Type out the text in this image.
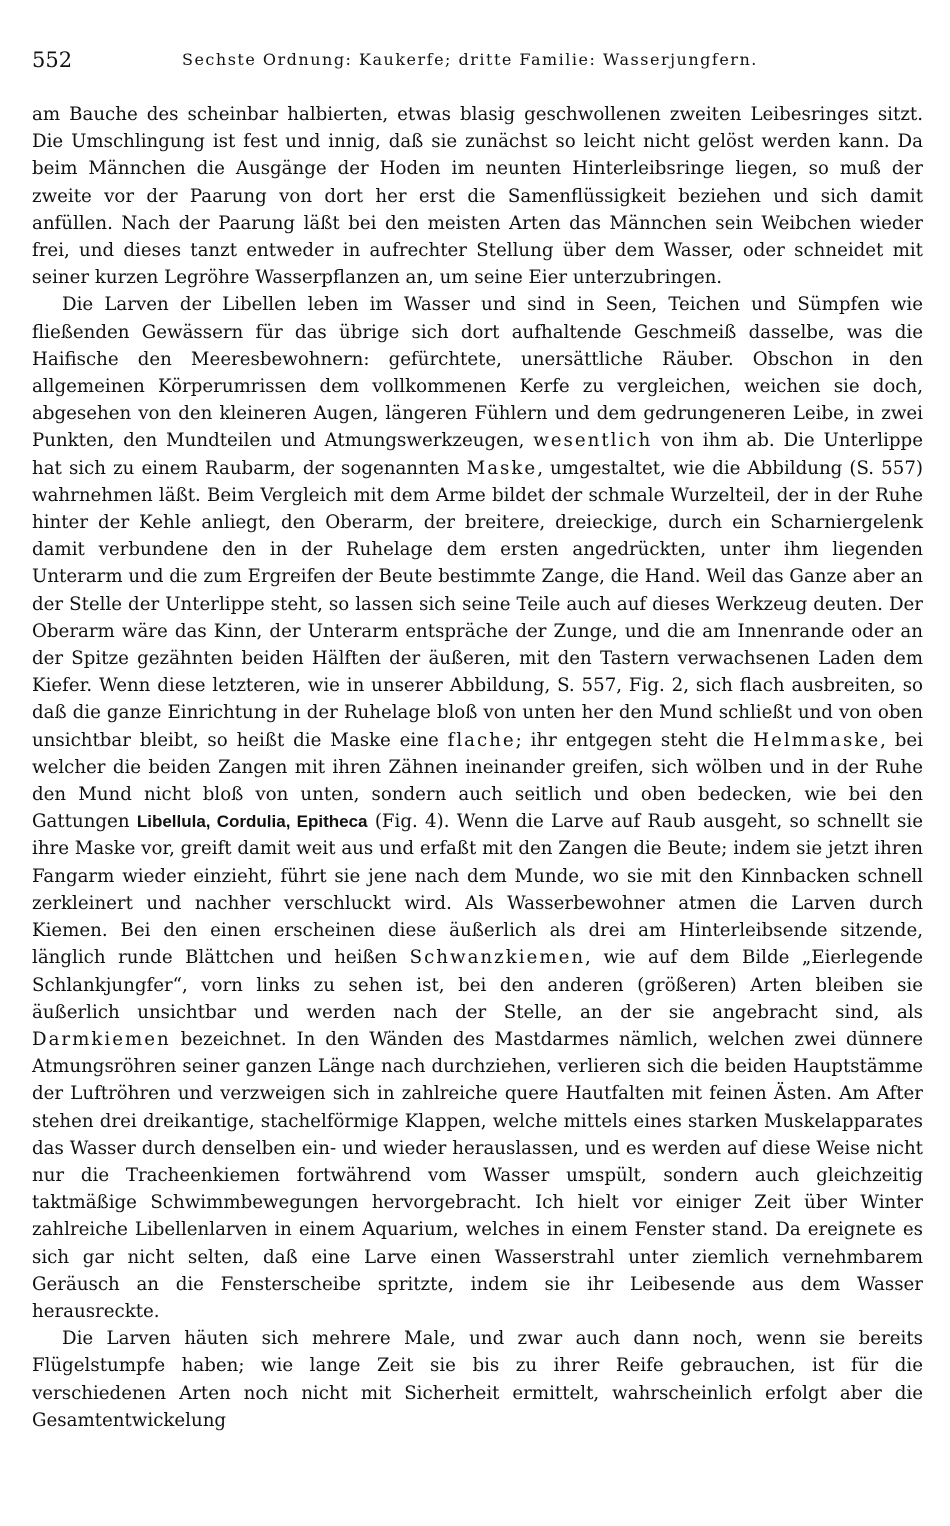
552	Sechste Ordnung: Kaukerfe; dritte Familie: Wasserjungfern.

am Bauche des scheinbar halbierten, etwas blasig geschwollenen zweiten Leibesringes sitzt. Die Umschlingung ist fest und innig, daß sie zunächst so leicht nicht gelöst werden kann. Da beim Männchen die Ausgänge der Hoden im neunten Hinterleibsringe liegen, so muß der zweite vor der Paarung von dort her erst die Samenflüssigkeit beziehen und sich damit anfüllen. Nach der Paarung läßt bei den meisten Arten das Männchen sein Weibchen wieder frei, und dieses tanzt entweder in aufrechter Stellung über dem Wasser, oder schneidet mit seiner kurzen Legröhre Wasserpflanzen an, um seine Eier unterzubringen.

Die Larven der Libellen leben im Wasser und sind in Seen, Teichen und Sümpfen wie fließenden Gewässern für das übrige sich dort aufhaltende Geschmeiß dasselbe, was die Haifische den Meeresbewohnern: gefürchtete, unersättliche Räuber. Obschon in den allgemeinen Körperumrissen dem vollkommenen Kerfe zu vergleichen, weichen sie doch, abgesehen von den kleineren Augen, längeren Fühlern und dem gedrungeneren Leibe, in zwei Punkten, den Mundteilen und Atmungswerkzeugen, wesentlich von ihm ab. Die Unterlippe hat sich zu einem Raubarm, der sogenannten Maske, umgestaltet, wie die Abbildung (S. 557) wahrnehmen läßt. Beim Vergleich mit dem Arme bildet der schmale Wurzelteil, der in der Ruhe hinter der Kehle anliegt, den Oberarm, der breitere, dreieckige, durch ein Scharniergelenk damit verbundene den in der Ruhelage dem ersten angedrückten, unter ihm liegenden Unterarm und die zum Ergreifen der Beute bestimmte Zange, die Hand. Weil das Ganze aber an der Stelle der Unterlippe steht, so lassen sich seine Teile auch auf dieses Werkzeug deuten. Der Oberarm wäre das Kinn, der Unterarm entspräche der Zunge, und die am Innenrande oder an der Spitze gezähnten beiden Hälften der äußeren, mit den Tastern verwachsenen Laden dem Kiefer. Wenn diese letzteren, wie in unserer Abbildung, S. 557, Fig. 2, sich flach ausbreiten, so daß die ganze Einrichtung in der Ruhelage bloß von unten her den Mund schließt und von oben unsichtbar bleibt, so heißt die Maske eine flache; ihr entgegen steht die Helmmaske, bei welcher die beiden Zangen mit ihren Zähnen ineinander greifen, sich wölben und in der Ruhe den Mund nicht bloß von unten, sondern auch seitlich und oben bedecken, wie bei den Gattungen Libellula, Cordulia, Epitheca (Fig. 4). Wenn die Larve auf Raub ausgeht, so schnellt sie ihre Maske vor, greift damit weit aus und erfaßt mit den Zangen die Beute; indem sie jetzt ihren Fangarm wieder einzieht, führt sie jene nach dem Munde, wo sie mit den Kinnbacken schnell zerkleinert und nachher verschluckt wird. Als Wasserbewohner atmen die Larven durch Kiemen. Bei den einen erscheinen diese äußerlich als drei am Hinterleibsende sitzende, länglich runde Blättchen und heißen Schwanzkiemen, wie auf dem Bilde „Eierlegende Schlankjungfer“, vorn links zu sehen ist, bei den anderen (größeren) Arten bleiben sie äußerlich unsichtbar und werden nach der Stelle, an der sie angebracht sind, als Darmkiemen bezeichnet. In den Wänden des Mastdarmes nämlich, welchen zwei dünnere Atmungsröhren seiner ganzen Länge nach durchziehen, verlieren sich die beiden Hauptstämme der Luftröhren und verzweigen sich in zahlreiche quere Hautfalten mit feinen Ästen. Am After stehen drei dreikantige, stachelförmige Klappen, welche mittels eines starken Muskelapparates das Wasser durch denselben ein- und wieder herauslassen, und es werden auf diese Weise nicht nur die Tracheenkiemen fortwährend vom Wasser umspült, sondern auch gleichzeitig taktmäßige Schwimmbewegungen hervorgebracht. Ich hielt vor einiger Zeit über Winter zahlreiche Libellenlarven in einem Aquarium, welches in einem Fenster stand. Da ereignete es sich gar nicht selten, daß eine Larve einen Wasserstrahl unter ziemlich vernehmbarem Geräusch an die Fensterscheibe spritzte, indem sie ihr Leibesende aus dem Wasser herausreckte.

Die Larven häuten sich mehrere Male, und zwar auch dann noch, wenn sie bereits Flügelstumpfe haben; wie lange Zeit sie bis zu ihrer Reife gebrauchen, ist für die verschiedenen Arten noch nicht mit Sicherheit ermittelt, wahrscheinlich erfolgt aber die Gesamtentwickelung
